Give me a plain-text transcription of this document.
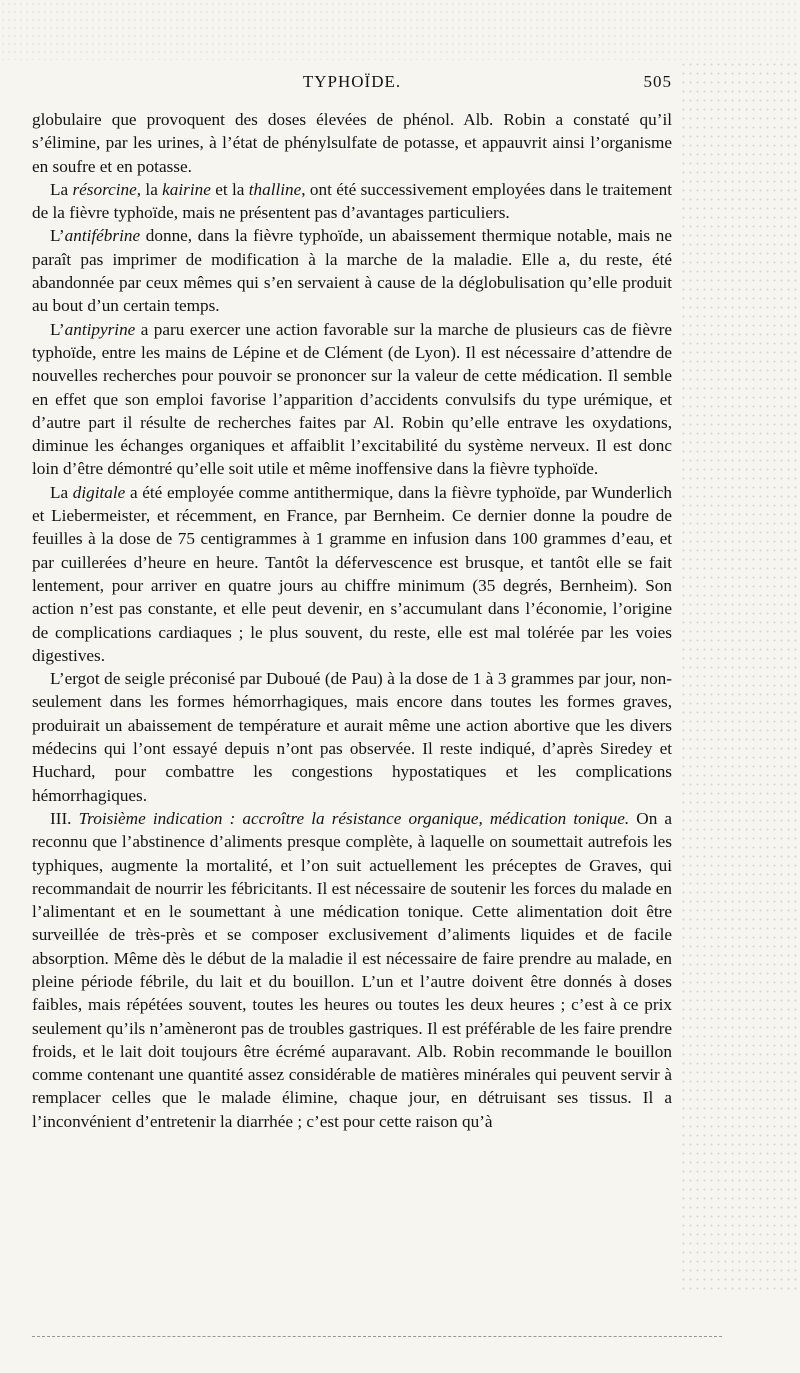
TYPHOÏDE.	505

globulaire que provoquent des doses élevées de phénol. Alb. Robin a constaté qu’il s’élimine, par les urines, à l’état de phénylsulfate de potasse, et appauvrit ainsi l’organisme en soufre et en potasse.

La résorcine, la kairine et la thalline, ont été successivement employées dans le traitement de la fièvre typhoïde, mais ne présentent pas d’avantages particuliers.

L’antifébrine donne, dans la fièvre typhoïde, un abaissement thermique notable, mais ne paraît pas imprimer de modification à la marche de la maladie. Elle a, du reste, été abandonnée par ceux mêmes qui s’en servaient à cause de la déglobulisation qu’elle produit au bout d’un certain temps.

L’antipyrine a paru exercer une action favorable sur la marche de plusieurs cas de fièvre typhoïde, entre les mains de Lépine et de Clément (de Lyon). Il est nécessaire d’attendre de nouvelles recherches pour pouvoir se prononcer sur la valeur de cette médication. Il semble en effet que son emploi favorise l’apparition d’accidents convulsifs du type urémique, et d’autre part il résulte de recherches faites par Al. Robin qu’elle entrave les oxydations, diminue les échanges organiques et affaiblit l’excitabilité du système nerveux. Il est donc loin d’être démontré qu’elle soit utile et même inoffensive dans la fièvre typhoïde.

La digitale a été employée comme antithermique, dans la fièvre typhoïde, par Wunderlich et Liebermeister, et récemment, en France, par Bernheim. Ce dernier donne la poudre de feuilles à la dose de 75 centigrammes à 1 gramme en infusion dans 100 grammes d’eau, et par cuillerées d’heure en heure. Tantôt la défervescence est brusque, et tantôt elle se fait lentement, pour arriver en quatre jours au chiffre minimum (35 degrés, Bernheim). Son action n’est pas constante, et elle peut devenir, en s’accumulant dans l’économie, l’origine de complications cardiaques ; le plus souvent, du reste, elle est mal tolérée par les voies digestives.

L’ergot de seigle préconisé par Duboué (de Pau) à la dose de 1 à 3 grammes par jour, non-seulement dans les formes hémorrhagiques, mais encore dans toutes les formes graves, produirait un abaissement de température et aurait même une action abortive que les divers médecins qui l’ont essayé depuis n’ont pas observée. Il reste indiqué, d’après Siredey et Huchard, pour combattre les congestions hypostatiques et les complications hémorrhagiques.

III. Troisième indication : accroître la résistance organique, médication tonique. On a reconnu que l’abstinence d’aliments presque complète, à laquelle on soumettait autrefois les typhiques, augmente la mortalité, et l’on suit actuellement les préceptes de Graves, qui recommandait de nourrir les fébricitants. Il est nécessaire de soutenir les forces du malade en l’alimentant et en le soumettant à une médication tonique. Cette alimentation doit être surveillée de très-près et se composer exclusivement d’aliments liquides et de facile absorption. Même dès le début de la maladie il est nécessaire de faire prendre au malade, en pleine période fébrile, du lait et du bouillon. L’un et l’autre doivent être donnés à doses faibles, mais répétées souvent, toutes les heures ou toutes les deux heures ; c’est à ce prix seulement qu’ils n’amèneront pas de troubles gastriques. Il est préférable de les faire prendre froids, et le lait doit toujours être écrémé auparavant. Alb. Robin recommande le bouillon comme contenant une quantité assez considérable de matières minérales qui peuvent servir à remplacer celles que le malade élimine, chaque jour, en détruisant ses tissus. Il a l’inconvénient d’entretenir la diarrhée ; c’est pour cette raison qu’à
